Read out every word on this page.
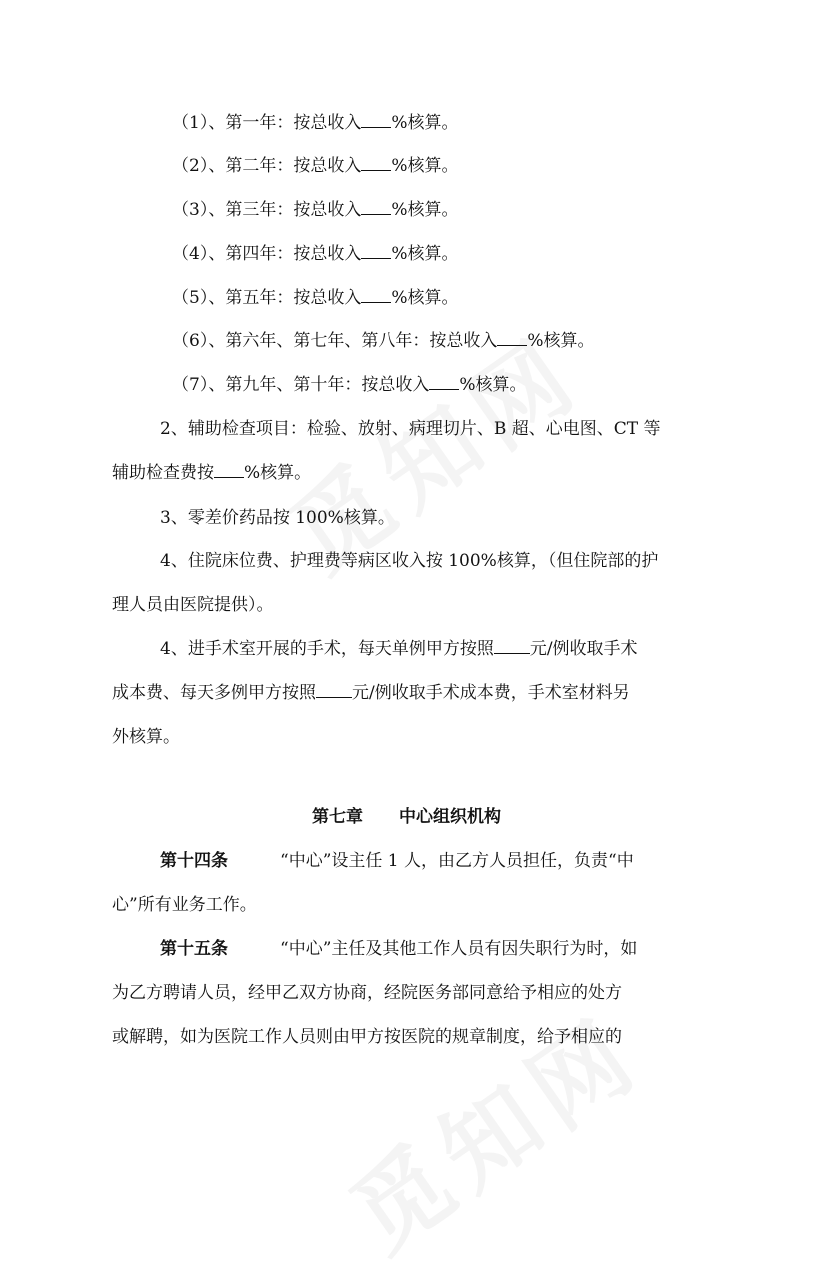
（1）、第一年：按总收入 %核算。
（2）、第二年：按总收入 %核算。
（3）、第三年：按总收入 %核算。
（4）、第四年：按总收入 %核算。
（5）、第五年：按总收入 %核算。
（6）、第六年、第七年、第八年：按总收入 %核算。
（7）、第九年、第十年：按总收入 %核算。
2、辅助检查项目：检验、放射、病理切片、B 超、心电图、CT 等
辅助检查费按 %核算。
3、零差价药品按 100%核算。
4、住院床位费、护理费等病区收入按 100%核算，（但住院部的护
理人员由医院提供）。
4、进手术室开展的手术，每天单例甲方按照 元/例收取手术
成本费、每天多例甲方按照 元/例收取手术成本费，手术室材料另
外核算。
第七章 中心组织机构
第十四条	“中心”设主任 1 人，由乙方人员担任，负责“中
心”所有业务工作。
第十五条	“中心”主任及其他工作人员有因失职行为时，如
为乙方聘请人员，经甲乙双方协商，经院医务部同意给予相应的处方
或解聘，如为医院工作人员则由甲方按医院的规章制度，给予相应的
